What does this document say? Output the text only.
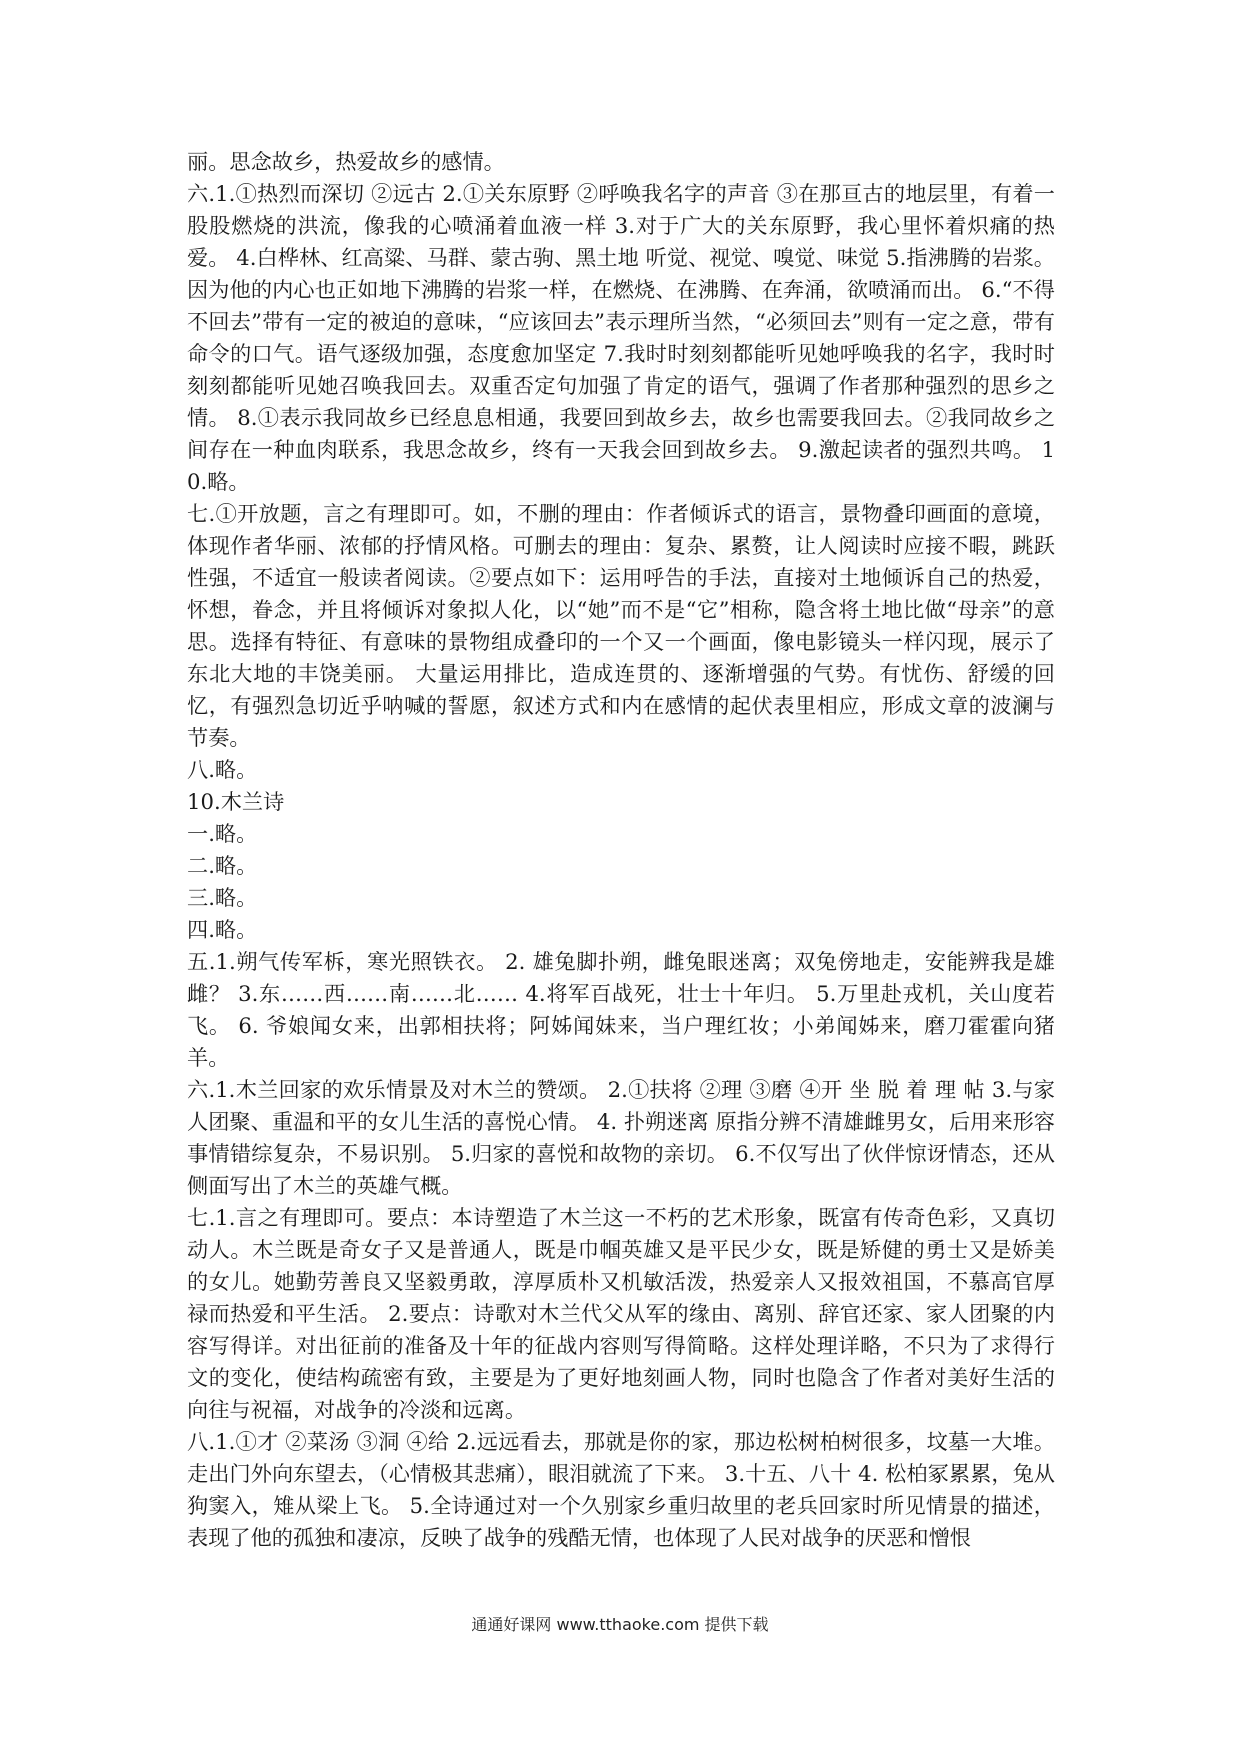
丽。思念故乡，热爱故乡的感情。

六.1.①热烈而深切 ②远古 2.①关东原野 ②呼唤我名字的声音 ③在那亘古的地层里，有着一股股燃烧的洪流，像我的心喷涌着血液一样 3.对于广大的关东原野，我心里怀着炽痛的热爱。 4.白桦林、红高粱、马群、蒙古驹、黑土地 听觉、视觉、嗅觉、味觉 5.指沸腾的岩浆。因为他的内心也正如地下沸腾的岩浆一样，在燃烧、在沸腾、在奔涌，欲喷涌而出。 6.“不得不回去”带有一定的被迫的意味，“应该回去”表示理所当然，“必须回去”则有一定之意，带有命令的口气。语气逐级加强，态度愈加坚定 7.我时时刻刻都能听见她呼唤我的名字，我时时刻刻都能听见她召唤我回去。双重否定句加强了肯定的语气，强调了作者那种强烈的思乡之情。 8.①表示我同故乡已经息息相通，我要回到故乡去，故乡也需要我回去。②我同故乡之间存在一种血肉联系，我思念故乡，终有一天我会回到故乡去。 9.激起读者的强烈共鸣。 10.略。

七.①开放题，言之有理即可。如，不删的理由：作者倾诉式的语言，景物叠印画面的意境，体现作者华丽、浓郁的抒情风格。可删去的理由：复杂、累赘，让人阅读时应接不暇，跳跃性强，不适宜一般读者阅读。②要点如下：运用呼告的手法，直接对土地倾诉自己的热爱，怀想，眷念，并且将倾诉对象拟人化，以“她”而不是“它”相称，隐含将土地比做“母亲”的意思。选择有特征、有意味的景物组成叠印的一个又一个画面，像电影镜头一样闪现，展示了东北大地的丰饶美丽。 大量运用排比，造成连贯的、逐渐增强的气势。有忧伤、舒缓的回忆，有强烈急切近乎呐喊的誓愿，叙述方式和内在感情的起伏表里相应，形成文章的波澜与节奏。

八.略。

10.木兰诗

一.略。

二.略。

三.略。

四.略。

五.1.朔气传军柝，寒光照铁衣。 2. 雄兔脚扑朔，雌兔眼迷离；双兔傍地走，安能辨我是雄雌？ 3.东……西……南……北…… 4.将军百战死，壮士十年归。 5.万里赴戎机，关山度若飞。 6. 爷娘闻女来，出郭相扶将；阿姊闻妹来，当户理红妆；小弟闻姊来，磨刀霍霍向猪羊。

六.1.木兰回家的欢乐情景及对木兰的赞颂。 2.①扶将 ②理 ③磨 ④开 坐 脱 着 理 帖 3.与家人团聚、重温和平的女儿生活的喜悦心情。 4. 扑朔迷离 原指分辨不清雄雌男女，后用来形容事情错综复杂，不易识别。 5.归家的喜悦和故物的亲切。 6.不仅写出了伙伴惊讶情态，还从侧面写出了木兰的英雄气概。

七.1.言之有理即可。要点：本诗塑造了木兰这一不朽的艺术形象，既富有传奇色彩，又真切动人。木兰既是奇女子又是普通人，既是巾帼英雄又是平民少女，既是矫健的勇士又是娇美的女儿。她勤劳善良又坚毅勇敢，淳厚质朴又机敏活泼，热爱亲人又报效祖国，不慕高官厚禄而热爱和平生活。 2.要点：诗歌对木兰代父从军的缘由、离别、辞官还家、家人团聚的内容写得详。对出征前的准备及十年的征战内容则写得简略。这样处理详略，不只为了求得行文的变化，使结构疏密有致，主要是为了更好地刻画人物，同时也隐含了作者对美好生活的向往与祝福，对战争的冷淡和远离。

八.1.①才 ②菜汤 ③洞 ④给 2.远远看去，那就是你的家，那边松树柏树很多，坟墓一大堆。走出门外向东望去，（心情极其悲痛），眼泪就流了下来。 3.十五、八十 4. 松柏冢累累，兔从狗窦入，雉从梁上飞。 5.全诗通过对一个久别家乡重归故里的老兵回家时所见情景的描述，表现了他的孤独和凄凉，反映了战争的残酷无情，也体现了人民对战争的厌恶和憎恨

通通好课网 www.tthaoke.com 提供下载
